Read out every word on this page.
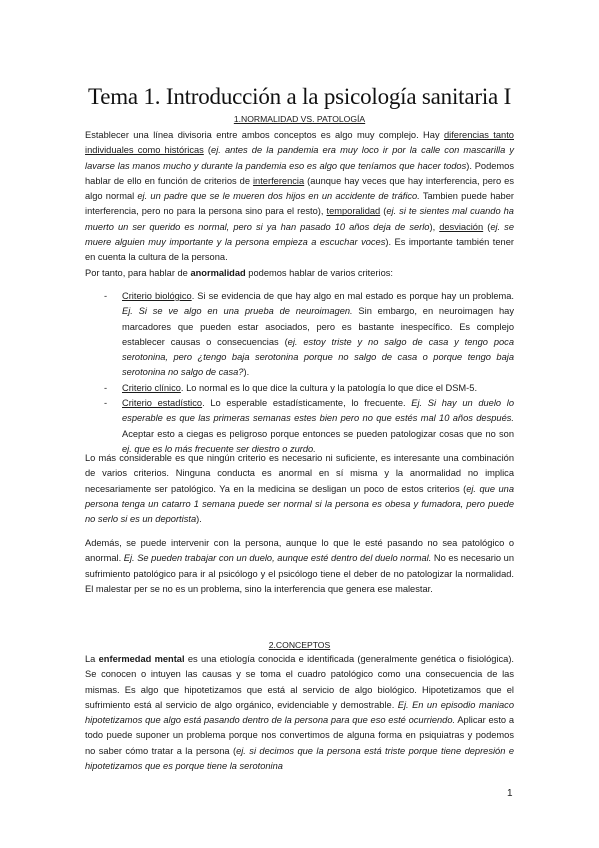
Tema 1. Introducción a la psicología sanitaria I
1.NORMALIDAD VS. PATOLOGÍA

Establecer una línea divisoria entre ambos conceptos es algo muy complejo. Hay diferencias tanto individuales como históricas (ej. antes de la pandemia era muy loco ir por la calle con mascarilla y lavarse las manos mucho y durante la pandemia eso es algo que teníamos que hacer todos). Podemos hablar de ello en función de criterios de interferencia (aunque hay veces que hay interferencia, pero es algo normal ej. un padre que se le mueren dos hijos en un accidente de tráfico. Tambien puede haber interferencia, pero no para la persona sino para el resto), temporalidad (ej. si te sientes mal cuando ha muerto un ser querido es normal, pero si ya han pasado 10 años deja de serlo), desviación (ej. se muere alguien muy importante y la persona empieza a escuchar voces). Es importante también tener en cuenta la cultura de la persona.

Por tanto, para hablar de anormalidad podemos hablar de varios criterios:

- Criterio biológico. Si se evidencia de que hay algo en mal estado es porque hay un problema. Ej. Si se ve algo en una prueba de neuroimagen. Sin embargo, en neuroimagen hay marcadores que pueden estar asociados, pero es bastante inespecífico. Es complejo establecer causas o consecuencias (ej. estoy triste y no salgo de casa y tengo poca serotonina, pero ¿tengo baja serotonina porque no salgo de casa o porque tengo baja serotonina no salgo de casa?).
- Criterio clínico. Lo normal es lo que dice la cultura y la patología lo que dice el DSM-5.
- Criterio estadístico. Lo esperable estadísticamente, lo frecuente. Ej. Si hay un duelo lo esperable es que las primeras semanas estes bien pero no que estés mal 10 años después. Aceptar esto a ciegas es peligroso porque entonces se pueden patologizar cosas que no son ej. que es lo más frecuente ser diestro o zurdo.

Lo más considerable es que ningún criterio es necesario ni suficiente, es interesante una combinación de varios criterios. Ninguna conducta es anormal en sí misma y la anormalidad no implica necesariamente ser patológico. Ya en la medicina se desligan un poco de estos criterios (ej. que una persona tenga un catarro 1 semana puede ser normal si la persona es obesa y fumadora, pero puede no serlo si es un deportista).

Además, se puede intervenir con la persona, aunque lo que le esté pasando no sea patológico o anormal. Ej. Se pueden trabajar con un duelo, aunque esté dentro del duelo normal. No es necesario un sufrimiento patológico para ir al psicólogo y el psicólogo tiene el deber de no patologizar la normalidad. El malestar per se no es un problema, sino la interferencia que genera ese malestar.

2.CONCEPTOS

La enfermedad mental es una etiología conocida e identificada (generalmente genética o fisiológica). Se conocen o intuyen las causas y se toma el cuadro patológico como una consecuencia de las mismas. Es algo que hipotetizamos que está al servicio de algo biológico. Hipotetizamos que el sufrimiento está al servicio de algo orgánico, evidenciable y demostrable. Ej. En un episodio maniaco hipotetizamos que algo está pasando dentro de la persona para que eso esté ocurriendo. Aplicar esto a todo puede suponer un problema porque nos convertimos de alguna forma en psiquiatras y podemos no saber cómo tratar a la persona (ej. si decimos que la persona está triste porque tiene depresión e hipotetizamos que es porque tiene la serotonina

1
